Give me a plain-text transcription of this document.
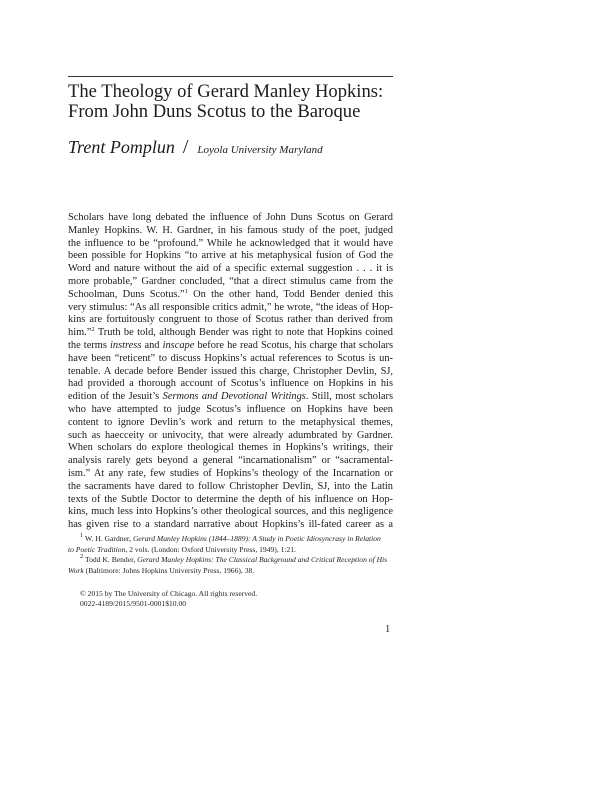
The Theology of Gerard Manley Hopkins:
From John Duns Scotus to the Baroque
Trent Pomplun / Loyola University Maryland
Scholars have long debated the influence of John Duns Scotus on Gerard
Manley Hopkins. W. H. Gardner, in his famous study of the poet, judged
the influence to be “profound.” While he acknowledged that it would have
been possible for Hopkins “to arrive at his metaphysical fusion of God the
Word and nature without the aid of a specific external suggestion . . . it is
more probable,” Gardner concluded, “that a direct stimulus came from the
Schoolman, Duns Scotus.”$^1$ On the other hand, Todd Bender denied this
very stimulus: “As all responsible critics admit,” he wrote, “the ideas of Hop-
kins are fortuitously congruent to those of Scotus rather than derived from
him.”$^2$ Truth be told, although Bender was right to note that Hopkins coined
the terms instress and inscape before he read Scotus, his charge that scholars
have been “reticent” to discuss Hopkins’s actual references to Scotus is un-
tenable. A decade before Bender issued this charge, Christopher Devlin, SJ,
had provided a thorough account of Scotus’s influence on Hopkins in his
edition of the Jesuit’s Sermons and Devotional Writings. Still, most scholars
who have attempted to judge Scotus’s influence on Hopkins have been
content to ignore Devlin’s work and return to the metaphysical themes,
such as haecceity or univocity, that were already adumbrated by Gardner.
When scholars do explore theological themes in Hopkins’s writings, their
analysis rarely gets beyond a general “incarnationalism” or “sacramental-
ism.” At any rate, few studies of Hopkins’s theology of the Incarnation or
the sacraments have dared to follow Christopher Devlin, SJ, into the Latin
texts of the Subtle Doctor to determine the depth of his influence on Hop-
kins, much less into Hopkins’s other theological sources, and this negligence
has given rise to a standard narrative about Hopkins’s ill-fated career as a

$^1$ W. H. Gardner, Gerard Manley Hopkins (1844–1889): A Study in Poetic Idiosyncrasy in Relation
to Poetic Tradition, 2 vols. (London: Oxford University Press, 1949), 1:21.

$^2$ Todd K. Bender, Gerard Manley Hopkins: The Classical Background and Critical Reception of His
Work (Baltimore: Johns Hopkins University Press, 1966), 38.

© 2015 by The University of Chicago. All rights reserved.
0022-4189/2015/9501-0001$10.00
1
